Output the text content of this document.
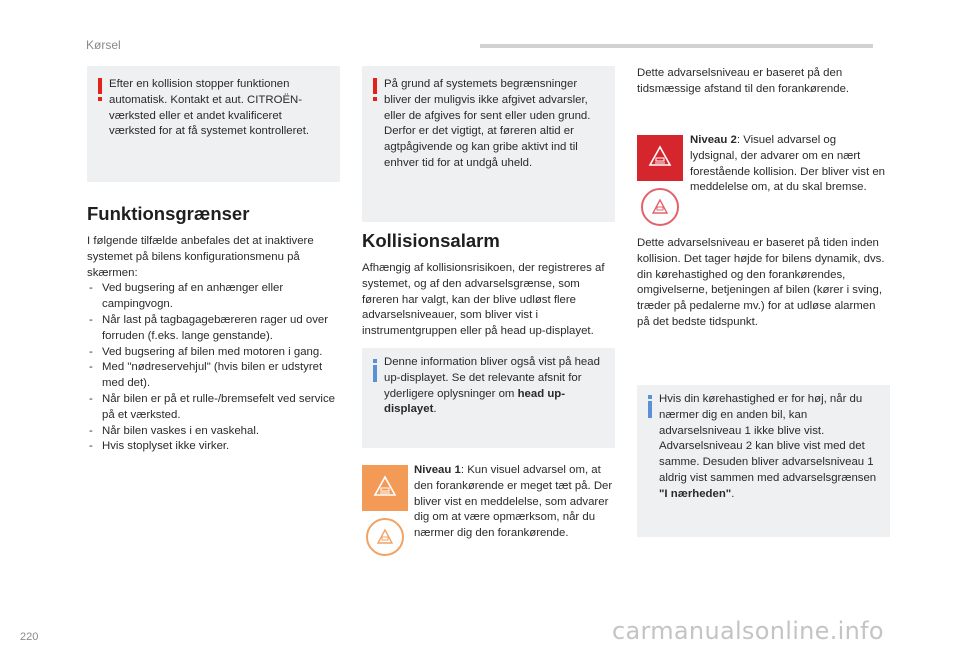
Kørsel
220	carmanualsonline.info

Efter en kollision stopper funktionen automatisk. Kontakt et aut. CITROËN-værksted eller et andet kvalificeret værksted for at få systemet kontrolleret.

Funktionsgrænser

I følgende tilfælde anbefales det at inaktivere systemet på bilens konfigurationsmenu på skærmen:

- Ved bugsering af en anhænger eller campingvogn.
- Når last på tagbagagebæreren rager ud over forruden (f.eks. lange genstande).
- Ved bugsering af bilen med motoren i gang.
- Med "nødreservehjul" (hvis bilen er udstyret med det).
- Når bilen er på et rulle-/bremsefelt ved service på et værksted.
- Når bilen vaskes i en vaskehal.
- Hvis stoplyset ikke virker.

På grund af systemets begrænsninger bliver der muligvis ikke afgivet advarsler, eller de afgives for sent eller uden grund. Derfor er det vigtigt, at føreren altid er agtpågivende og kan gribe aktivt ind til enhver tid for at undgå uheld.

Kollisionsalarm

Afhængig af kollisionsrisikoen, der registreres af systemet, og af den advarselsgrænse, som føreren har valgt, kan der blive udløst flere advarselsniveauer, som bliver vist i instrumentgruppen eller på head up-displayet.

Denne information bliver også vist på head up-displayet. Se det relevante afsnit for yderligere oplysninger om head up-displayet.

Niveau 1: Kun visuel advarsel om, at den forankørende er meget tæt på. Der bliver vist en meddelelse, som advarer dig om at være opmærksom, når du nærmer dig den forankørende.

Dette advarselsniveau er baseret på den tidsmæssige afstand til den forankørende.

Niveau 2: Visuel advarsel og lydsignal, der advarer om en nært forestående kollision. Der bliver vist en meddelelse om, at du skal bremse.

Dette advarselsniveau er baseret på tiden inden kollision. Det tager højde for bilens dynamik, dvs. din kørehastighed og den forankørendes, omgivelserne, betjeningen af bilen (kører i sving, træder på pedalerne mv.) for at udløse alarmen på det bedste tidspunkt.

Hvis din kørehastighed er for høj, når du nærmer dig en anden bil, kan advarselsniveau 1 ikke blive vist. Advarselsniveau 2 kan blive vist med det samme. Desuden bliver advarselsniveau 1 aldrig vist sammen med advarselsgrænsen "I nærheden".
